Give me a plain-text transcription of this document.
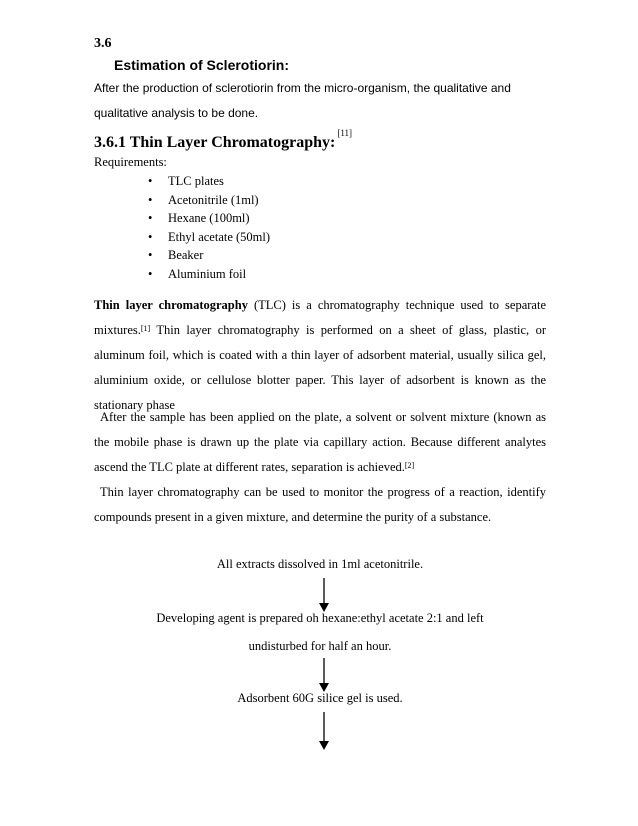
3.6
Estimation of Sclerotiorin:
After the production of sclerotiorin from the micro-organism, the qualitative and qualitative analysis to be done.
3.6.1 Thin Layer Chromatography:[11]
Requirements:
• TLC plates
• Acetonitrile (1ml)
• Hexane (100ml)
• Ethyl acetate (50ml)
• Beaker
• Aluminium foil
Thin layer chromatography (TLC) is a chromatography technique used to separate mixtures.[1] Thin layer chromatography is performed on a sheet of glass, plastic, or aluminum foil, which is coated with a thin layer of adsorbent material, usually silica gel, aluminium oxide, or cellulose blotter paper. This layer of adsorbent is known as the stationary phase
After the sample has been applied on the plate, a solvent or solvent mixture (known as the mobile phase is drawn up the plate via capillary action. Because different analytes ascend the TLC plate at different rates, separation is achieved.[2]
Thin layer chromatography can be used to monitor the progress of a reaction, identify compounds present in a given mixture, and determine the purity of a substance.
All extracts dissolved in 1ml acetonitrile.
Developing agent is prepared oh hexane:ethyl acetate 2:1 and left
undisturbed for half an hour.
Adsorbent 60G silice gel is used.
